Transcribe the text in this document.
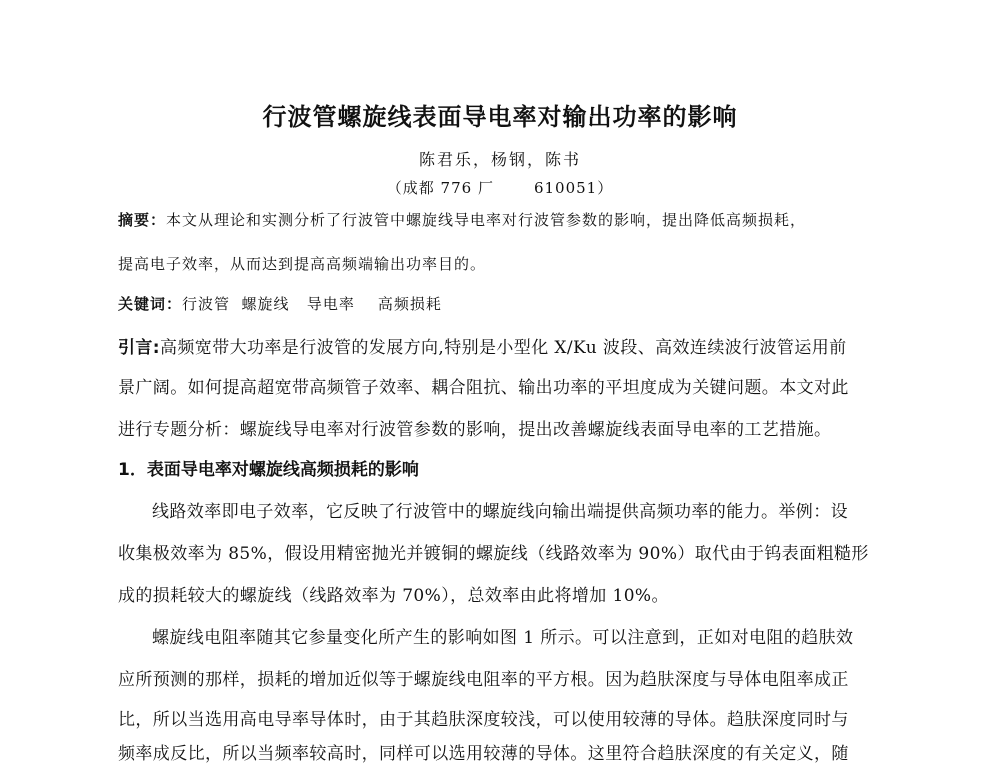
行波管螺旋线表面导电率对输出功率的影响
陈君乐，杨钢，陈书
（成都 776 厂	610051）
摘要：本文从理论和实测分析了行波管中螺旋线导电率对行波管参数的影响，提出降低高频损耗，
提高电子效率，从而达到提高高频端输出功率目的。
关键词：行波管  螺旋线   导电率    高频损耗
引言:高频宽带大功率是行波管的发展方向,特别是小型化 X/Ku 波段、高效连续波行波管运用前
景广阔。如何提高超宽带高频管子效率、耦合阻抗、输出功率的平坦度成为关键问题。本文对此
进行专题分析：螺旋线导电率对行波管参数的影响，提出改善螺旋线表面导电率的工艺措施。
1．表面导电率对螺旋线高频损耗的影响
线路效率即电子效率，它反映了行波管中的螺旋线向输出端提供高频功率的能力。举例：设
收集极效率为 85%，假设用精密抛光并镀铜的螺旋线（线路效率为 90%）取代由于钨表面粗糙形
成的损耗较大的螺旋线（线路效率为 70%），总效率由此将增加 10%。
螺旋线电阻率随其它参量变化所产生的影响如图 1 所示。可以注意到，正如对电阻的趋肤效
应所预测的那样，损耗的增加近似等于螺旋线电阻率的平方根。因为趋肤深度与导体电阻率成正
比，所以当选用高电导率导体时，由于其趋肤深度较浅，可以使用较薄的导体。趋肤深度同时与
频率成反比，所以当频率较高时，同样可以选用较薄的导体。这里符合趋肤深度的有关定义，随
